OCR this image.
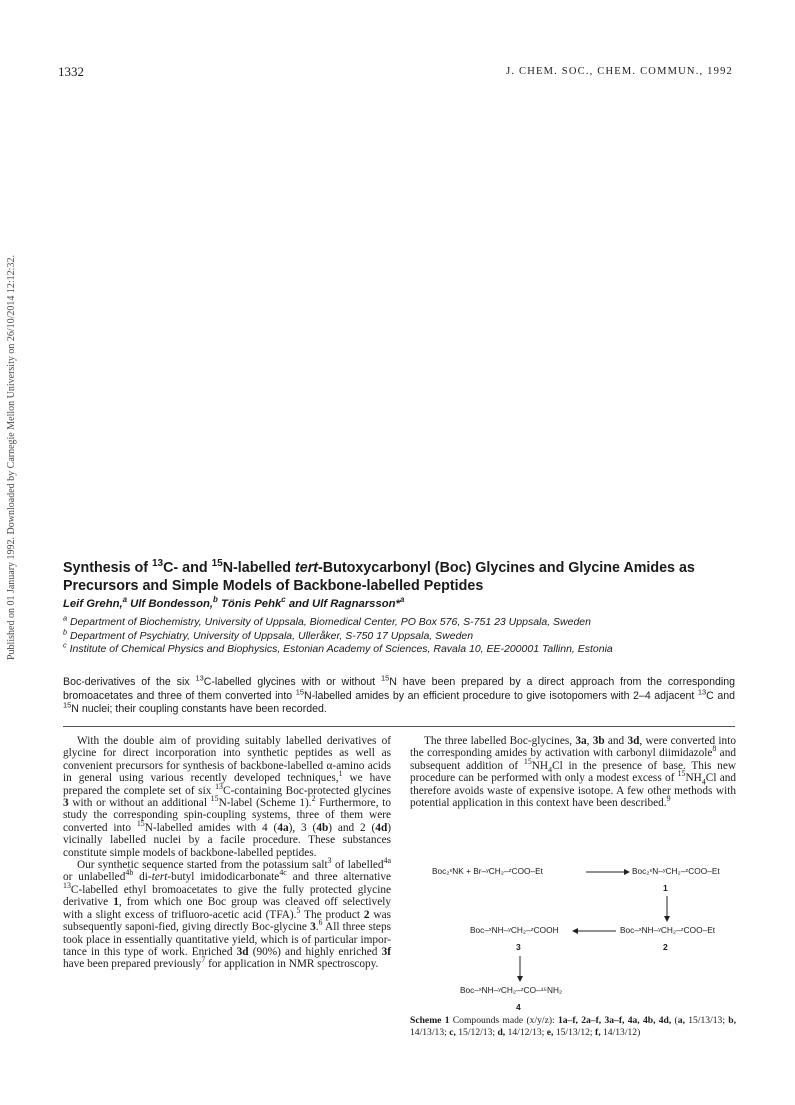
1332	J. CHEM. SOC., CHEM. COMMUN., 1992
Published on 01 January 1992. Downloaded by Carnegie Mellon University on 26/10/2014 12:12:32.	Synthesis of $^{13}$C- and $^{15}$N-labelled tert-Butoxycarbonyl (Boc) Glycines and Glycine Amides as Precursors and Simple Models of Backbone-labelled Peptides
Leif Grehn,$^a$ Ulf Bondesson,$^b$ Tönis Pehk$^c$ and Ulf Ragnarsson*$^a$
$^a$ Department of Biochemistry, University of Uppsala, Biomedical Center, PO Box 576, S-751 23 Uppsala, Sweden
$^b$ Department of Psychiatry, University of Uppsala, Ulleråker, S-750 17 Uppsala, Sweden
$^c$ Institute of Chemical Physics and Biophysics, Estonian Academy of Sciences, Ravala 10, EE-200001 Tallinn, Estonia

Boc-derivatives of the six $^{13}$C-labelled glycines with or without $^{15}$N have been prepared by a direct approach from the corresponding bromoacetates and three of them converted into $^{15}$N-labelled amides by an efficient procedure to give isotopomers with 2–4 adjacent $^{13}$C and $^{15}$N nuclei; their coupling constants have been recorded.

With the double aim of providing suitably labelled derivatives of glycine for direct incorporation into synthetic peptides as well as convenient precursors for synthesis of backbone-labelled α-amino acids in general using various recently developed techniques,$^1$ we have prepared the complete set of six $^{13}$C-containing Boc-protected glycines 3 with or without an additional $^{15}$N-label (Scheme 1).$^2$ Furthermore, to study the corresponding spin-coupling systems, three of them were converted into $^{15}$N-labelled amides with 4 (4a), 3 (4b) and 2 (4d) vicinally labelled nuclei by a facile procedure. These substances constitute simple models of backbone-labelled peptides.

Our synthetic sequence started from the potassium salt$^3$ of labelled$^{4a}$ or unlabelled$^{4b}$ di-tert-butyl imidodicarbonate$^{4c}$ and three alternative $^{13}$C-labelled ethyl bromoacetates to give the fully protected glycine derivative 1, from which one Boc group was cleaved off selectively with a slight excess of trifluoro-acetic acid (TFA).$^5$ The product 2 was subsequently saponi-fied, giving directly Boc-glycine 3.$^6$ All three steps took place in essentially quantitative yield, which is of particular impor-tance in this type of work. Enriched 3d (90%) and highly enriched 3f have been prepared previously$^7$ for application in NMR spectroscopy.

The three labelled Boc-glycines, 3a, 3b and 3d, were converted into the corresponding amides by activation with carbonyl diimidazole$^8$ and subsequent addition of $^{15}NH_4Cl$ in the presence of base. This new procedure can be performed with only a modest excess of $^{15}NH_4Cl$ and therefore avoids waste of expensive isotope. A few other methods with potential application in this context have been described.$^9$

Boc₂ˣNK + Br–ʸCH₂–ᶻCOO–Et	Boc₂ˣN–ʸCH₂–ᶻCOO–Et
1
Boc–ˣNH–ʸCH₂–ᶻCOOH	Boc–ˣNH–ʸCH₂–ᶻCOO–Et
3	2
Boc–ˣNH–ʸCH₂–ᶻCO–¹⁵NH₂
4

Scheme 1 Compounds made (x/y/z): 1a–f, 2a–f, 3a–f, 4a, 4b, 4d, (a, 15/13/13; b, 14/13/13; c, 15/12/13; d, 14/12/13; e, 15/13/12; f, 14/13/12)
